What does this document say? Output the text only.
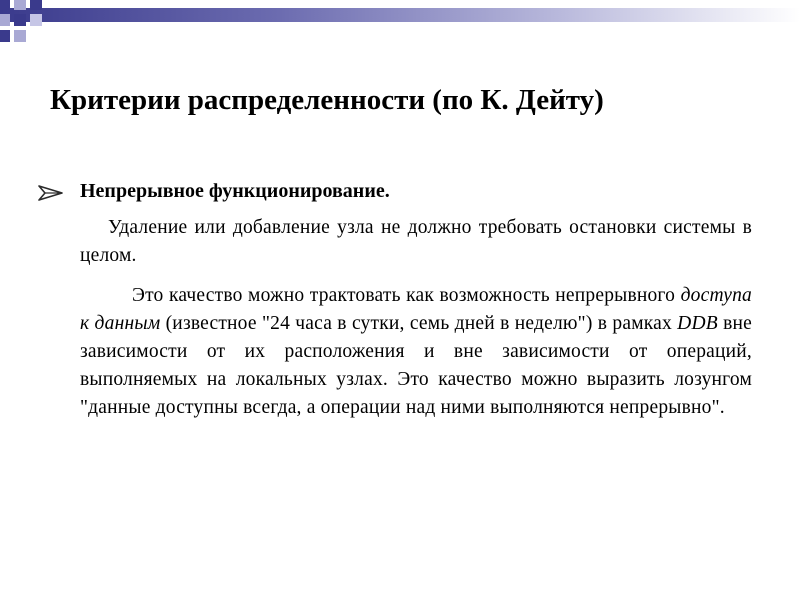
Критерии распределенности (по К. Дейту)
Непрерывное функционирование.
Удаление или добавление узла не должно требовать остановки системы в целом.
Это качество можно трактовать как возможность непрерывного доступа к данным (известное "24 часа в сутки, семь дней в неделю") в рамках DDB вне зависимости от их расположения и вне зависимости от операций, выполняемых на локальных узлах. Это качество можно выразить лозунгом "данные доступны всегда, а операции над ними выполняются непрерывно".
